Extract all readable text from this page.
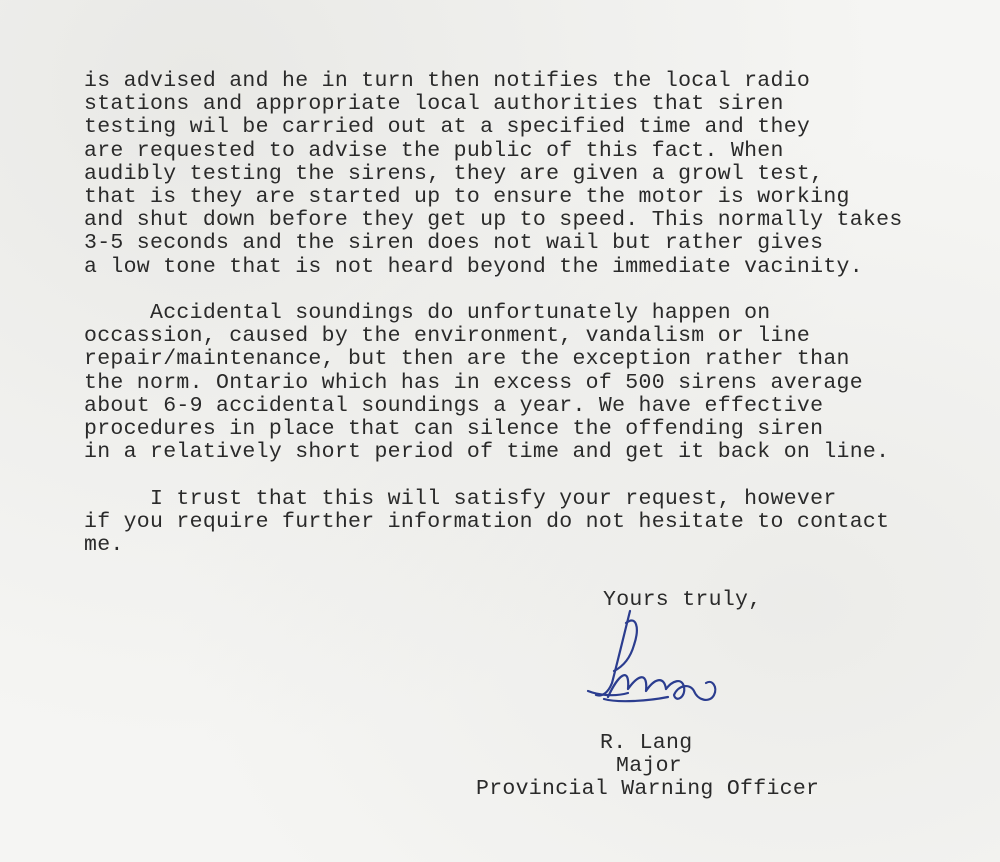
is advised and he in turn then notifies the local radio
stations and appropriate local authorities that siren
testing wil be carried out at a specified time and they
are requested to advise the public of this fact. When
audibly testing the sirens, they are given a growl test,
that is they are started up to ensure the motor is working
and shut down before they get up to speed. This normally takes
3-5 seconds and the siren does not wail but rather gives
a low tone that is not heard beyond the immediate vacinity.
Accidental soundings do unfortunately happen on
occassion, caused by the environment, vandalism or line
repair/maintenance, but then are the exception rather than
the norm. Ontario which has in excess of 500 sirens average
about 6-9 accidental soundings a year. We have effective
procedures in place that can silence the offending siren
in a relatively short period of time and get it back on line.
I trust that this will satisfy your request, however
if you require further information do not hesitate to contact
me.
Yours truly,
R. Lang
Major
Provincial Warning Officer
